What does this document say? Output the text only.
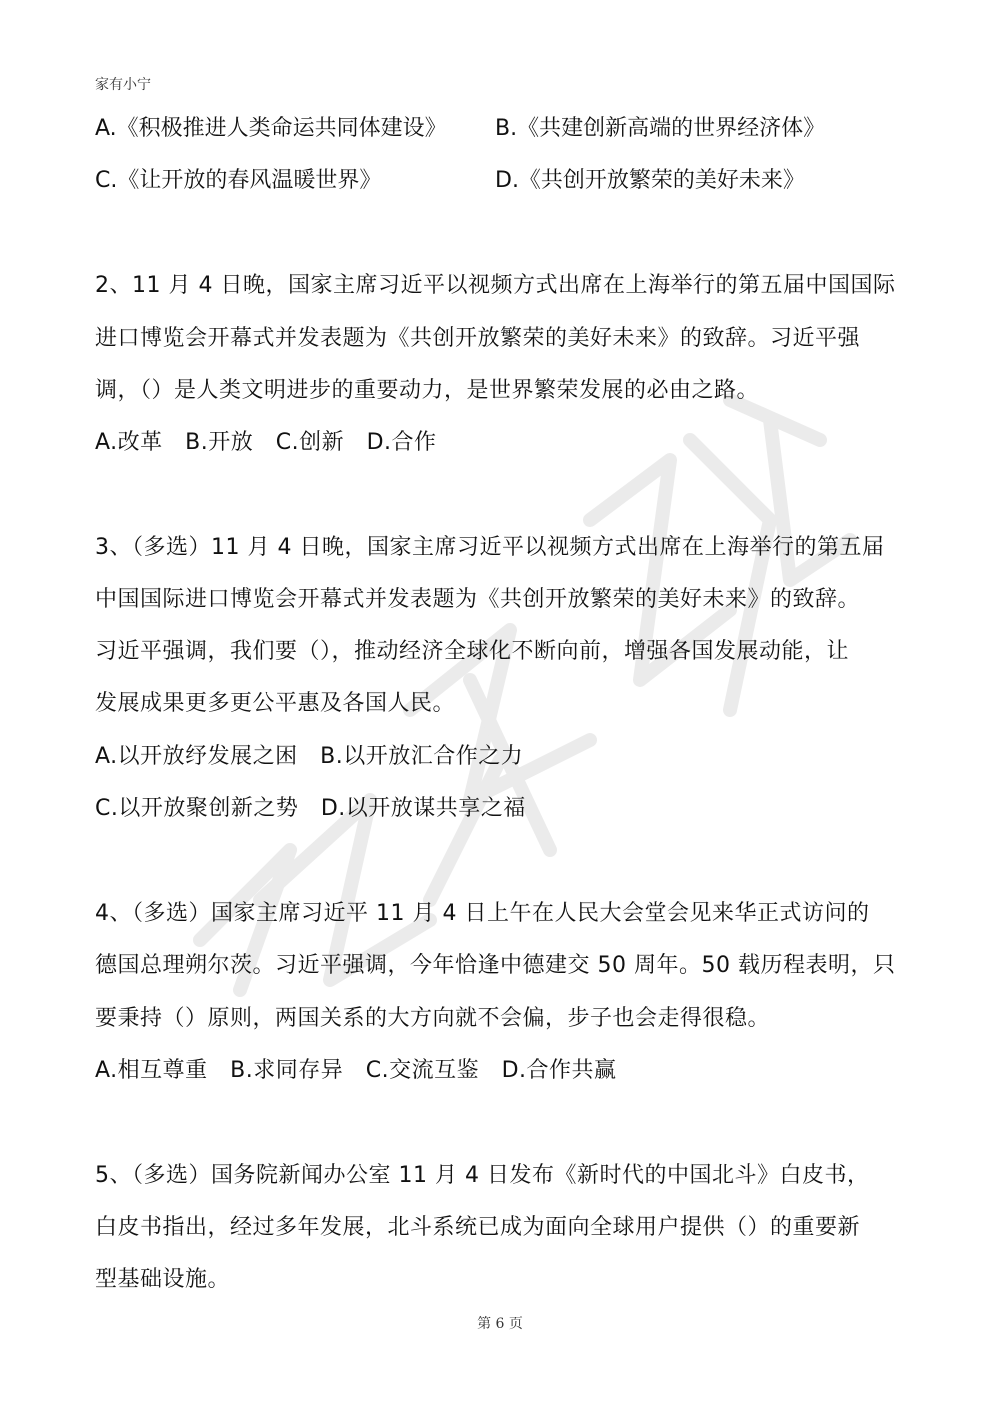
家有小宁
A.《积极推进人类命运共同体建设》 B.《共建创新高端的世界经济体》
C.《让开放的春风温暖世界》	D.《共创开放繁荣的美好未来》
2、11 月 4 日晚，国家主席习近平以视频方式出席在上海举行的第五届中国国际
进口博览会开幕式并发表题为《共创开放繁荣的美好未来》的致辞。习近平强
调，（）是人类文明进步的重要动力，是世界繁荣发展的必由之路。
A.改革　B.开放　C.创新　D.合作
3、（多选）11 月 4 日晚，国家主席习近平以视频方式出席在上海举行的第五届
中国国际进口博览会开幕式并发表题为《共创开放繁荣的美好未来》的致辞。
习近平强调，我们要（），推动经济全球化不断向前，增强各国发展动能，让
发展成果更多更公平惠及各国人民。
A.以开放纾发展之困　B.以开放汇合作之力
C.以开放聚创新之势　D.以开放谋共享之福
4、（多选）国家主席习近平 11 月 4 日上午在人民大会堂会见来华正式访问的
德国总理朔尔茨。习近平强调，今年恰逢中德建交 50 周年。50 载历程表明，只
要秉持（）原则，两国关系的大方向就不会偏，步子也会走得很稳。
A.相互尊重　B.求同存异　C.交流互鉴　D.合作共赢
5、（多选）国务院新闻办公室 11 月 4 日发布《新时代的中国北斗》白皮书，
白皮书指出，经过多年发展，北斗系统已成为面向全球用户提供（）的重要新
型基础设施。
第 6 页
